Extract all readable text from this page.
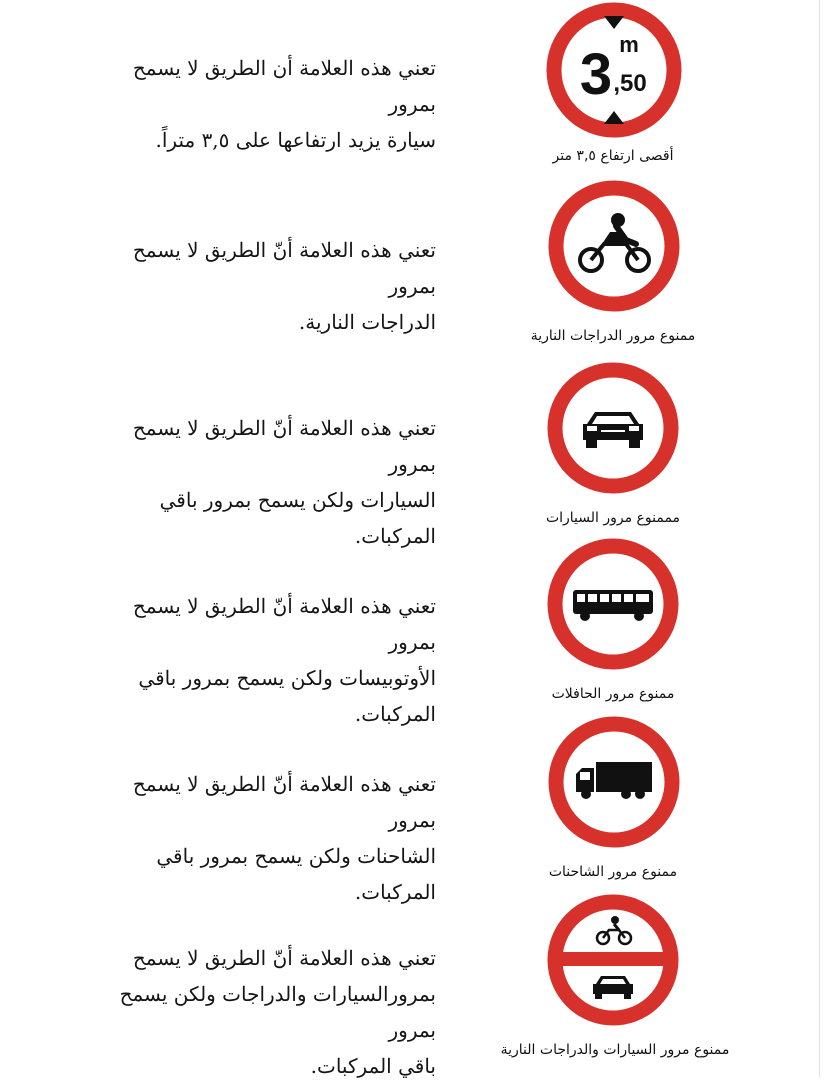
تعني هذه العلامة أن الطريق لا يسمح بمرور
سيارة يزيد ارتفاعها على ٣,٥ متراً.
3 m
,50
أقصى ارتفاع ٣,٥ متر
تعني هذه العلامة أنّ الطريق لا يسمح بمرور
الدراجات النارية.
ممنوع مرور الدراجات النارية
تعني هذه العلامة أنّ الطريق لا يسمح بمرور
السيارات ولكن يسمح بمرور باقي المركبات.
مممنوع مرور السيارات
تعني هذه العلامة أنّ الطريق لا يسمح بمرور
الأوتوبيسات ولكن يسمح بمرور باقي المركبات.
ممنوع مرور الحافلات
تعني هذه العلامة أنّ الطريق لا يسمح بمرور
الشاحنات ولكن يسمح بمرور باقي المركبات.
ممنوع مرور الشاحنات
تعني هذه العلامة أنّ الطريق لا يسمح
بمرورالسيارات والدراجات ولكن يسمح بمرور
باقي المركبات.
ممنوع مرور السيارات والدراجات النارية
